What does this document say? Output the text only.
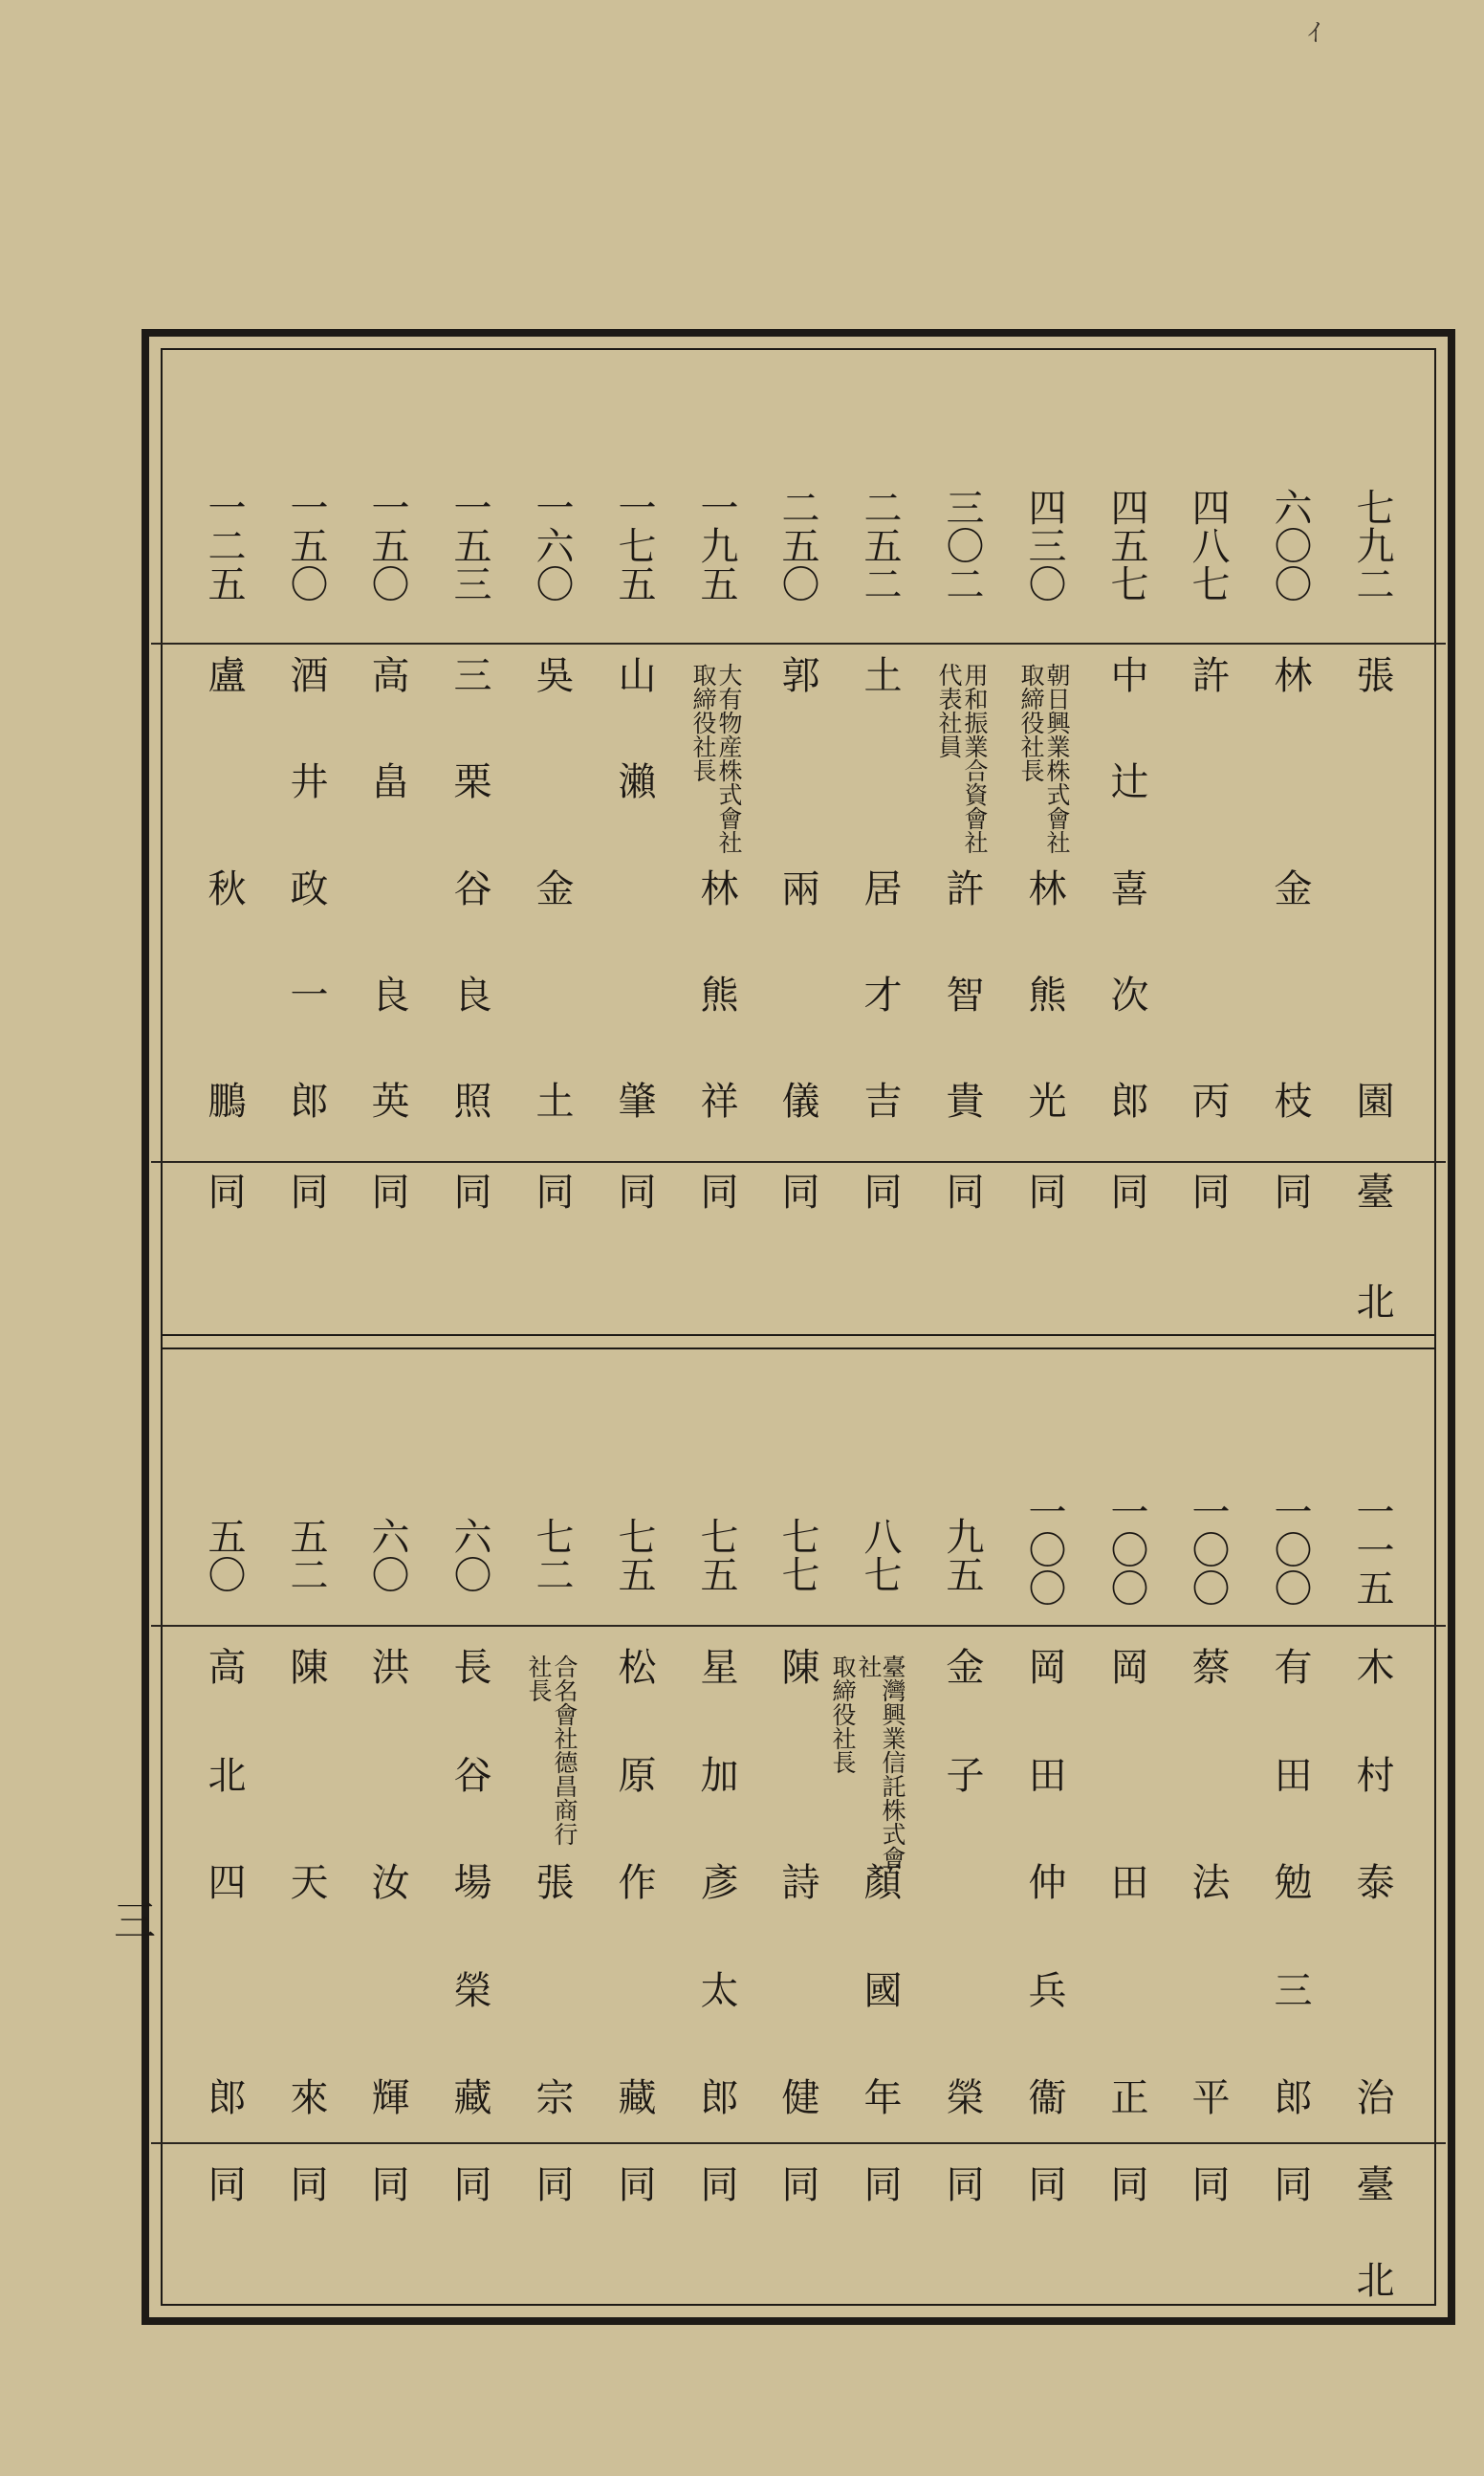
ｲ
七九二
張
園
臺
北
六〇〇
林
金
枝
同
四八七
許
丙
同
四五七
中
辻
喜
次
郎
同
四三〇
林
熊
光
朝日興業株式會社
取締役社長
同
三〇二
許
智
貴
用和振業合資會社
代表社員
同
二五二
土
居
才
吉
同
二五〇
郭
兩
儀
同
一九五
林
熊
祥
大有物産株式會社
取締役社長
同
一七五
山
瀨
肇
同
一六〇
吳
金
土
同
一五三
三
栗
谷
良
照
同
一五〇
高
畠
良
英
同
一五〇
酒
井
政
一
郎
同
一二五
盧
秋
鵬
同
一一五
木
村
泰
治
臺
北
一〇〇
有
田
勉
三
郎
同
一〇〇
蔡
法
平
同
一〇〇
岡
田
正
同
一〇〇
岡
田
仲
兵
衞
同
九五
金
子
榮
同
八七
顏
國
年
臺灣興業信託株式會社
取締役社長
同
七七
陳
詩
健
同
七五
星
加
彥
太
郎
同
七五
松
原
作
藏
同
七二
張
宗
合名會社德昌商行
社長
同
六〇
長
谷
場
榮
藏
同
六〇
洪
汝
輝
同
五二
陳
天
來
同
五〇
高
北
四
郎
同
三
